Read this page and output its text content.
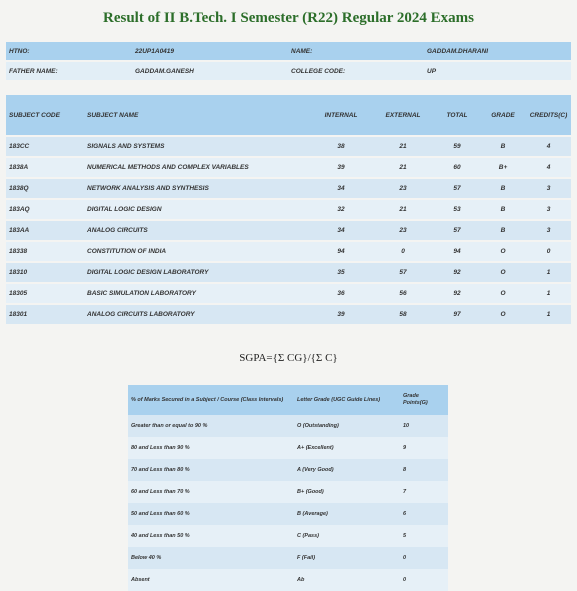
Result of II B.Tech. I Semester (R22) Regular 2024 Exams
HTNO:	22UP1A0419	NAME:	GADDAM.DHARANI
FATHER NAME:	GADDAM.GANESH	COLLEGE CODE:	UP
SUBJECT CODE	SUBJECT NAME	INTERNAL	EXTERNAL	TOTAL	GRADE	CREDITS(C)
183CC	SIGNALS AND SYSTEMS	38	21	59	B	4
1838A	NUMERICAL METHODS AND COMPLEX VARIABLES	39	21	60	B+	4
1838Q	NETWORK ANALYSIS AND SYNTHESIS	34	23	57	B	3
183AQ	DIGITAL LOGIC DESIGN	32	21	53	B	3
183AA	ANALOG CIRCUITS	34	23	57	B	3
18338	CONSTITUTION OF INDIA	94	0	94	O	0
18310	DIGITAL LOGIC DESIGN LABORATORY	35	57	92	O	1
18305	BASIC SIMULATION LABORATORY	36	56	92	O	1
18301	ANALOG CIRCUITS LABORATORY	39	58	97	O	1
SGPA={Σ CG}/{Σ C}
% of Marks Secured in a Subject / Course (Class Intervals)	Letter Grade (UGC Guide Lines)	Grade Points(G)
Greater than or equal to 90 %	O (Outstanding)	10
80 and Less than 90 %	A+ (Excellent)	9
70 and Less than 80 %	A (Very Good)	8
60 and Less than 70 %	B+ (Good)	7
50 and Less than 60 %	B (Average)	6
40 and Less than 50 %	C (Pass)	5
Below 40 %	F (Fail)	0
Absent	Ab	0
